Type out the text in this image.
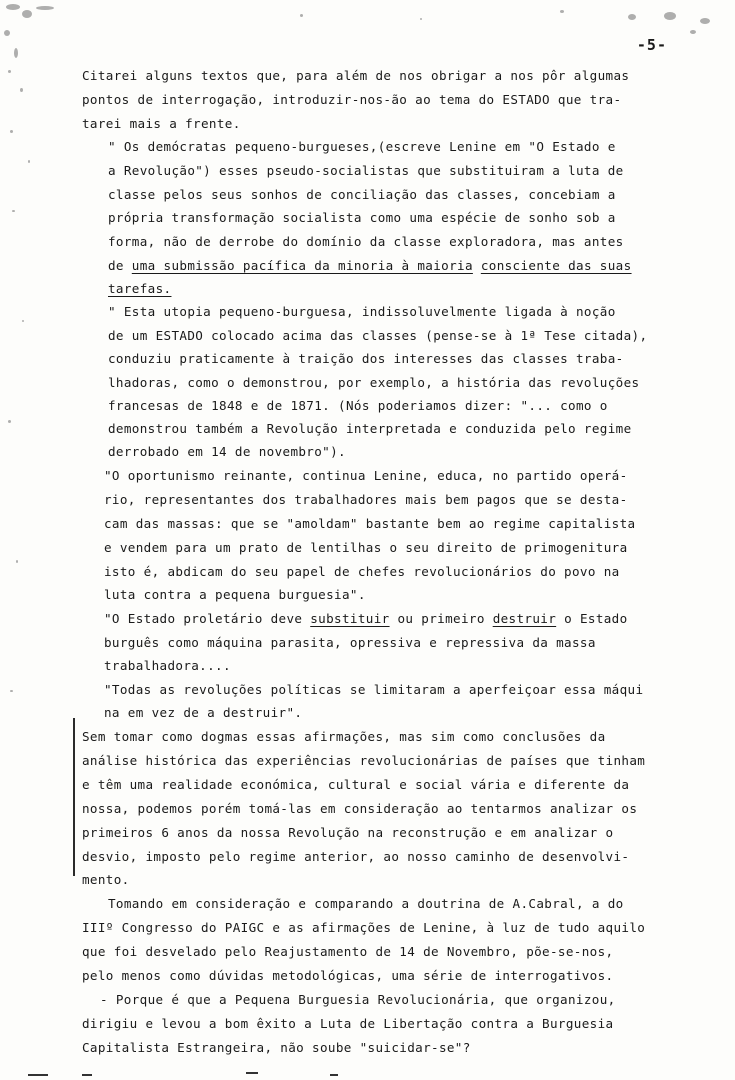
-5-
Citarei alguns textos que, para além de nos obrigar a nos pôr algumas
pontos de interrogação, introduzir-nos-ão ao tema do ESTADO que tra-
tarei mais a frente.
" Os demócratas pequeno-burgueses,(escreve Lenine em "O Estado e
a Revolução") esses pseudo-socialistas que substituiram a luta de
classe pelos seus sonhos de conciliação das classes, concebiam a
própria transformação socialista como uma espécie de sonho sob a
forma, não de derrobe do domínio da classe exploradora, mas antes
de uma submissão pacífica da minoria à maioria consciente das suas
tarefas.
" Esta utopia pequeno-burguesa, indissoluvelmente ligada à noção
de um ESTADO colocado acima das classes (pense-se à 1ª Tese citada),
conduziu praticamente à traição dos interesses das classes traba-
lhadoras, como o demonstrou, por exemplo, a história das revoluções
francesas de 1848 e de 1871. (Nós poderiamos dizer: "... como o
demonstrou também a Revolução interpretada e conduzida pelo regime
derrobado em 14 de novembro").
"O oportunismo reinante, continua Lenine, educa, no partido operá-
rio, representantes dos trabalhadores mais bem pagos que se desta-
cam das massas: que se "amoldam" bastante bem ao regime capitalista
e vendem para um prato de lentilhas o seu direito de primogenitura
isto é, abdicam do seu papel de chefes revolucionários do povo na
luta contra a pequena burguesia".
"O Estado proletário deve substituir ou primeiro destruir o Estado
burguês como máquina parasita, opressiva e repressiva da massa
trabalhadora....
"Todas as revoluções políticas se limitaram a aperfeiçoar essa máqui
na em vez de a destruir".
Sem tomar como dogmas essas afirmações, mas sim como conclusões da
análise histórica das experiências revolucionárias de países que tinham
e têm uma realidade económica, cultural e social vária e diferente da
nossa, podemos porém tomá-las em consideração ao tentarmos analizar os
primeiros 6 anos da nossa Revolução na reconstrução e em analizar o
desvio, imposto pelo regime anterior, ao nosso caminho de desenvolvi-
mento.
Tomando em consideração e comparando a doutrina de A.Cabral, a do
IIIº Congresso do PAIGC e as afirmações de Lenine, à luz de tudo aquilo
que foi desvelado pelo Reajustamento de 14 de Novembro, põe-se-nos,
pelo menos como dúvidas metodológicas, uma série de interrogativos.
- Porque é que a Pequena Burguesia Revolucionária, que organizou,
dirigiu e levou a bom êxito a Luta de Libertação contra a Burguesia
Capitalista Estrangeira, não soube "suicidar-se"?
